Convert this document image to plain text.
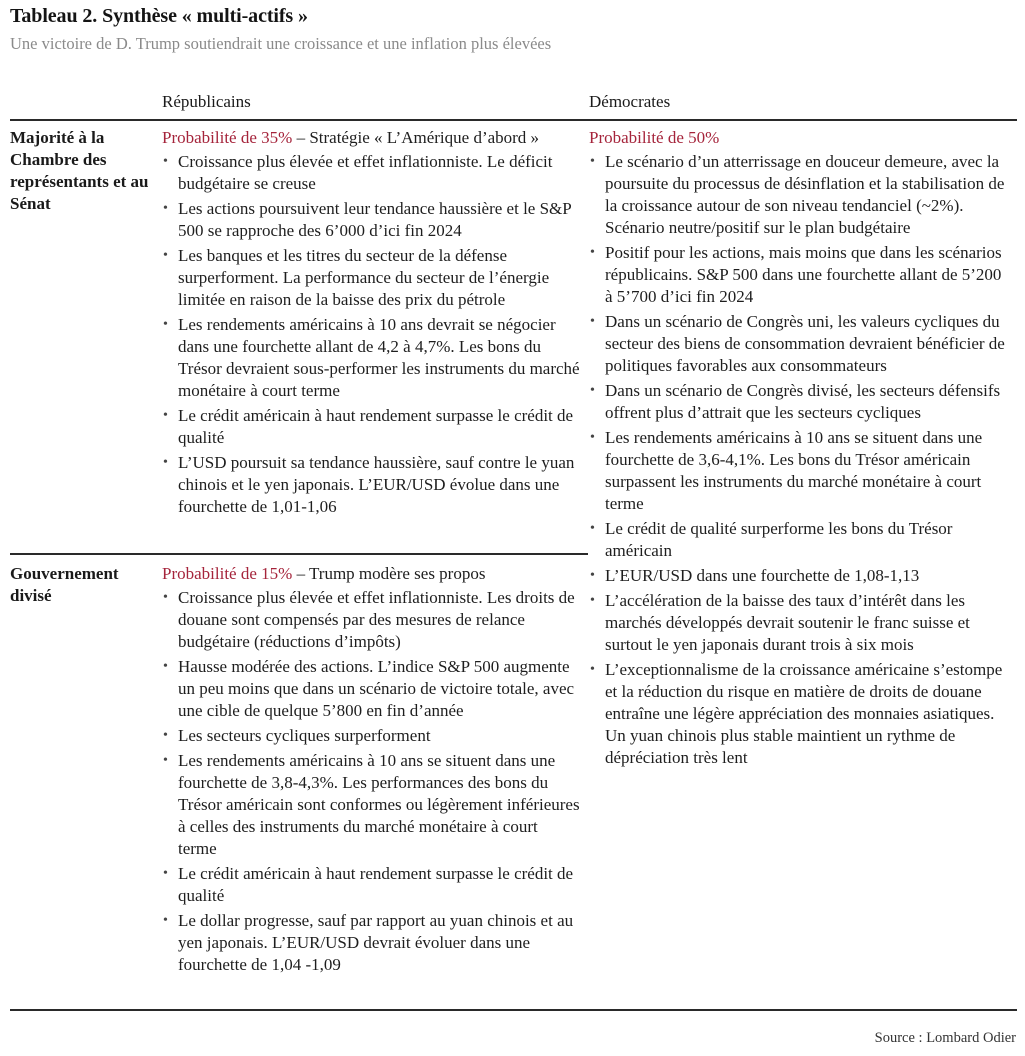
Tableau 2. Synthèse « multi-actifs »
Une victoire de D. Trump soutiendrait une croissance et une inflation plus élevées
Républicains	Démocrates
Majorité à la Chambre des représentants et au Sénat
Probabilité de 35% – Stratégie « L’Amérique d’abord »
• Croissance plus élevée et effet inflationniste. Le déficit budgétaire se creuse
• Les actions poursuivent leur tendance haussière et le S&P 500 se rapproche des 6’000 d’ici fin 2024
• Les banques et les titres du secteur de la défense surperforment. La performance du secteur de l’énergie limitée en raison de la baisse des prix du pétrole
• Les rendements américains à 10 ans devrait se négocier dans une fourchette allant de 4,2 à 4,7%. Les bons du Trésor devraient sous-performer les instruments du marché monétaire à court terme
• Le crédit américain à haut rendement surpasse le crédit de qualité
• L’USD poursuit sa tendance haussière, sauf contre le yuan chinois et le yen japonais. L’EUR/USD évolue dans une fourchette de 1,01-1,06
Gouvernement divisé
Probabilité de 15% – Trump modère ses propos
• Croissance plus élevée et effet inflationniste. Les droits de douane sont compensés par des mesures de relance budgétaire (réductions d’impôts)
• Hausse modérée des actions. L’indice S&P 500 augmente un peu moins que dans un scénario de victoire totale, avec une cible de quelque 5’800 en fin d’année
• Les secteurs cycliques surperforment
• Les rendements américains à 10 ans se situent dans une fourchette de 3,8-4,3%. Les performances des bons du Trésor américain sont conformes ou légèrement inférieures à celles des instruments du marché monétaire à court terme
• Le crédit américain à haut rendement surpasse le crédit de qualité
• Le dollar progresse, sauf par rapport au yuan chinois et au yen japonais. L’EUR/USD devrait évoluer dans une fourchette de 1,04 -1,09
Probabilité de 50%
• Le scénario d’un atterrissage en douceur demeure, avec la poursuite du processus de désinflation et la stabilisation de la croissance autour de son niveau tendanciel (~2%). Scénario neutre/positif sur le plan budgétaire
• Positif pour les actions, mais moins que dans les scénarios républicains. S&P 500 dans une fourchette allant de 5’200 à 5’700 d’ici fin 2024
• Dans un scénario de Congrès uni, les valeurs cycliques du secteur des biens de consommation devraient bénéficier de politiques favorables aux consommateurs
• Dans un scénario de Congrès divisé, les secteurs défensifs offrent plus d’attrait que les secteurs cycliques
• Les rendements américains à 10 ans se situent dans une fourchette de 3,6-4,1%. Les bons du Trésor américain surpassent les instruments du marché monétaire à court terme
• Le crédit de qualité surperforme les bons du Trésor américain
• L’EUR/USD dans une fourchette de 1,08-1,13
• L’accélération de la baisse des taux d’intérêt dans les marchés développés devrait soutenir le franc suisse et surtout le yen japonais durant trois à six mois
• L’exceptionnalisme de la croissance américaine s’estompe et la réduction du risque en matière de droits de douane entraîne une légère appréciation des monnaies asiatiques. Un yuan chinois plus stable maintient un rythme de dépréciation très lent
Source : Lombard Odier
